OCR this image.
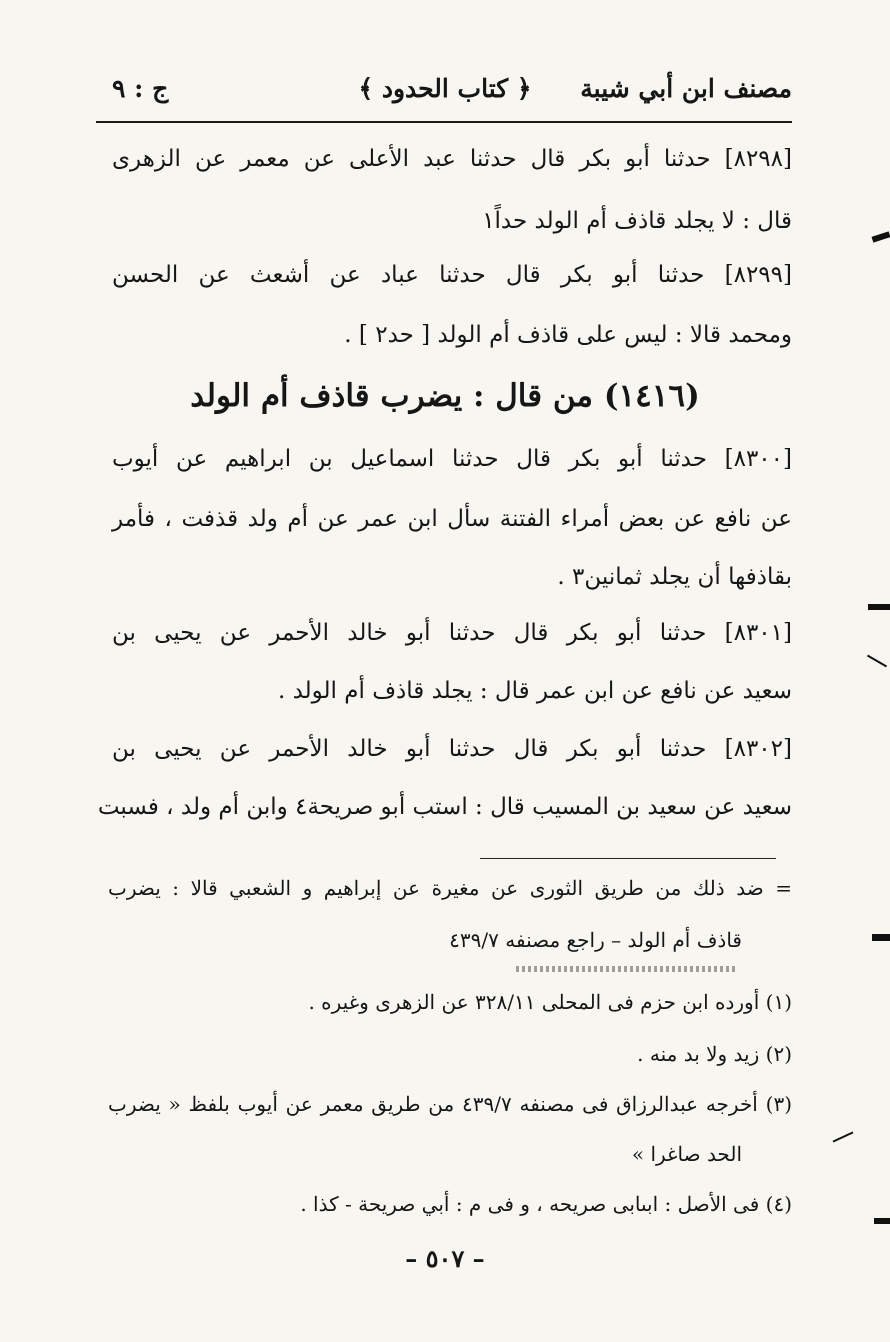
مصنف ابن أبي شيبة
﴿ كتاب الحدود ﴾
ج : ٩
[٨٢٩٨] حدثنا أبو بكر قال حدثنا عبد الأعلى عن معمر عن الزهرى
قال : لا يجلد قاذف أم الولد حداً١
[٨٢٩٩] حدثنا أبو بكر قال حدثنا عباد عن أشعث عن الحسن
ومحمد قالا : ليس على قاذف أم الولد [ حد٢ ] .
(١٤١٦) من قال : يضرب قاذف أم الولد
[٨٣٠٠] حدثنا أبو بكر قال حدثنا اسماعيل بن ابراهيم عن أيوب
عن نافع عن بعض أمراء الفتنة سأل ابن عمر عن أم ولد قذفت ، فأمر
بقاذفها أن يجلد ثمانين٣ .
[٨٣٠١] حدثنا أبو بكر قال حدثنا أبو خالد الأحمر عن يحيى بن
سعيد عن نافع عن ابن عمر قال : يجلد قاذف أم الولد .
[٨٣٠٢] حدثنا أبو بكر قال حدثنا أبو خالد الأحمر عن يحيى بن
سعيد عن سعيد بن المسيب قال : استب أبو صريحة٤ وابن أم ولد ، فسبت
= ضد ذلك من طريق الثورى عن مغيرة عن إبراهيم و الشعبي قالا : يضرب
قاذف أم الولد – راجع مصنفه ٤٣٩/٧
(١) أورده ابن حزم فى المحلى ٣٢٨/١١ عن الزهرى وغيره .
(٢) زيد ولا بد منه .
(٣) أخرجه عبدالرزاق فى مصنفه ٤٣٩/٧ من طريق معمر عن أيوب بلفظ « يضرب
الحد صاغرا »
(٤) فى الأصل : ابىابى صريحه ، و فى م : أبي صريحة - كذا .
– ٥٠٧ –
